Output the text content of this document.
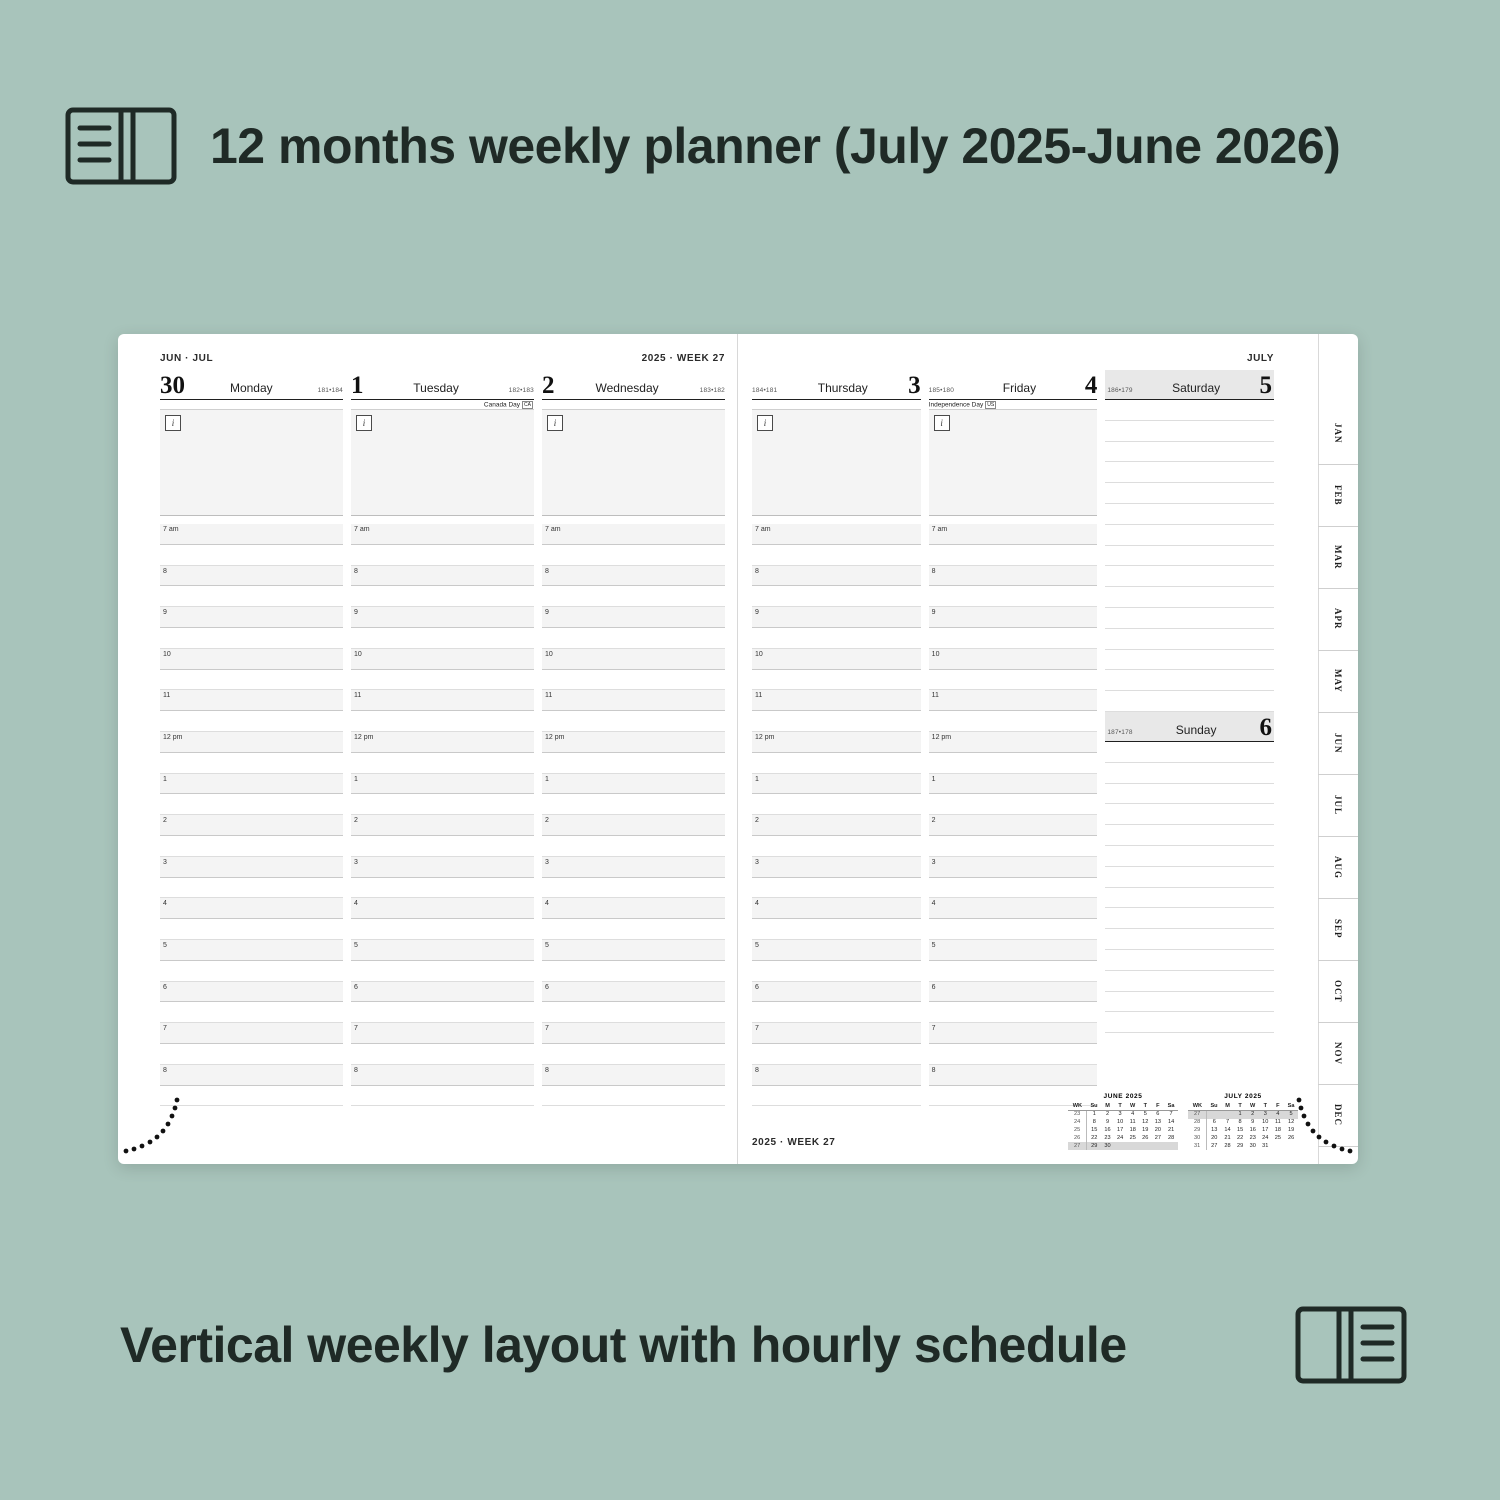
12 months weekly planner (July 2025-June 2026)
JUN · JUL	2025 · WEEK 27
30	Monday	181•184
i
7 am
8
9
10
11
12 pm
1
2
3
4
5
6
7
8
1	Tuesday	182•183
Canada Day CA
i
7 am
8
9
10
11
12 pm
1
2
3
4
5
6
7
8
2	Wednesday	183•182
i
7 am
8
9
10
11
12 pm
1
2
3
4
5
6
7
8
JULY
3
Thursday
184•181
i
7 am
8
9
10
11
12 pm
1
2
3
4
5
6
7
8
4
Friday
185•180
Independence Day US
i
7 am
8
9
10
11
12 pm
1
2
3
4
5
6
7
8
5
Saturday
186•179
6
Sunday
187•178
JAN
FEB
MAR
APR
MAY
JUN
JUL
AUG
SEP
OCT
NOV
DEC
JUNE 2025
WK	Su	M	T	W	T	F	Sa
23	1	2	3	4	5	6	7
24	8	9	10	11	12	13	14
25	15	16	17	18	19	20	21
26	22	23	24	25	26	27	28
27	29	30					
JULY 2025
WK	Su	M	T	W	T	F	Sa
27			1	2	3	4	5
28	6	7	8	9	10	11	12
29	13	14	15	16	17	18	19
30	20	21	22	23	24	25	26
31	27	28	29	30	31		
2025 · WEEK 27
Vertical weekly layout with hourly schedule
